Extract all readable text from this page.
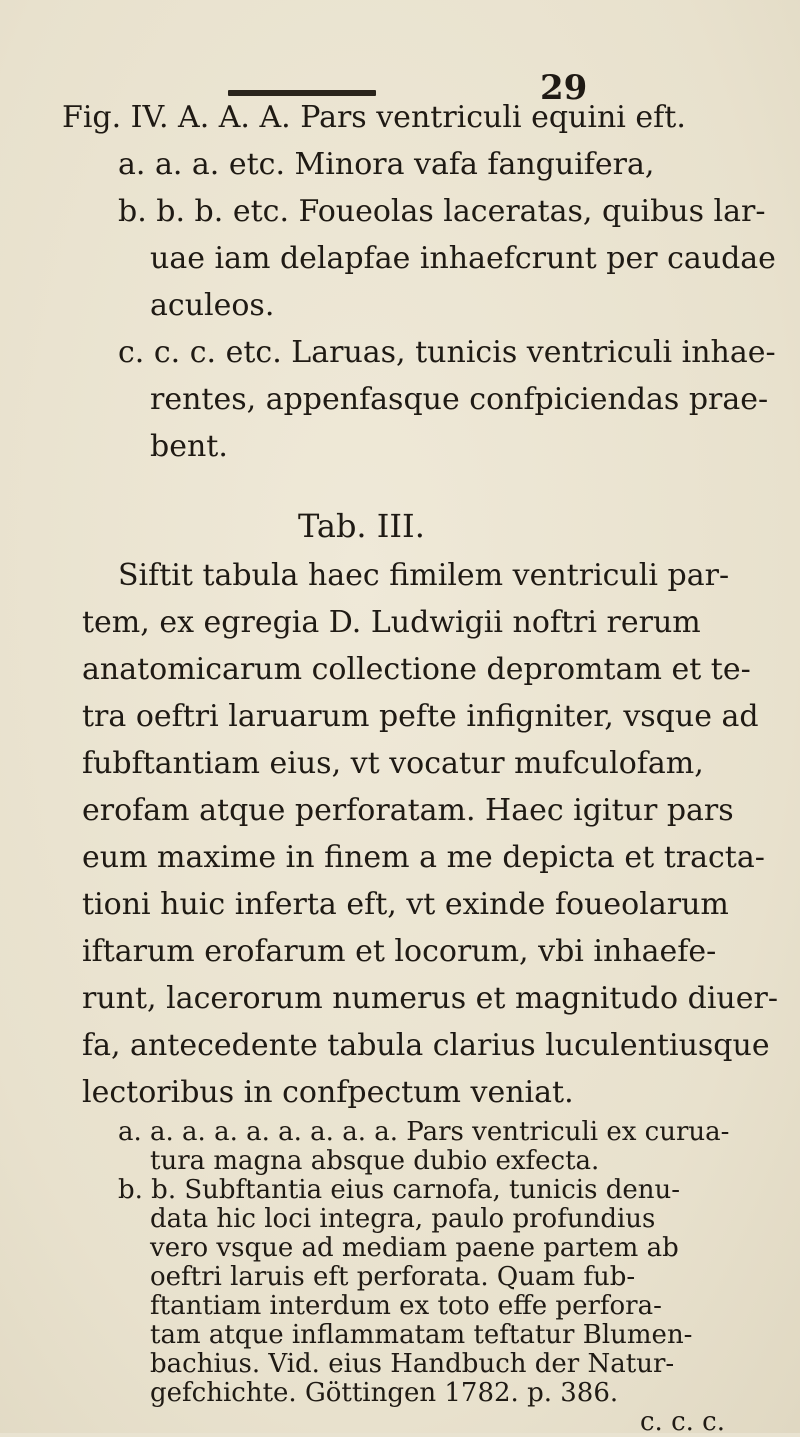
29
Fig. IV. A. A. A. Pars ventriculi equini eft.
a. a. a. etc. Minora vafa fanguifera,
b. b. b. etc. Foueolas laceratas, quibus lar-
uae iam delapfae inhaefcrunt per caudae
aculeos.
c. c. c. etc. Laruas, tunicis ventriculi inhae-
rentes, appenfasque confpiciendas prae-
bent.
Tab. III.
Siftit tabula haec fimilem ventriculi par-
tem, ex egregia D. Ludwigii noftri rerum
anatomicarum collectione depromtam et te-
tra oeftri laruarum pefte infigniter, vsque ad
fubftantiam eius, vt vocatur mufculofam,
erofam atque perforatam. Haec igitur pars
eum maxime in finem a me depicta et tracta-
tioni huic inferta eft, vt exinde foueolarum
iftarum erofarum et locorum, vbi inhaefe-
runt, lacerorum numerus et magnitudo diuer-
fa, antecedente tabula clarius luculentiusque
lectoribus in confpectum veniat.
a. a. a. a. a. a. a. a. a. Pars ventriculi ex curua-
tura magna absque dubio exfecta.
b. b. Subftantia eius carnofa, tunicis denu-
data hic loci integra, paulo profundius
vero vsque ad mediam paene partem ab
oeftri laruis eft perforata. Quam fub-
ftantiam interdum ex toto effe perfora-
tam atque inflammatam teftatur Blumen-
bachius. Vid. eius Handbuch der Natur-
gefchichte. Göttingen 1782. p. 386.
c. c. c.
